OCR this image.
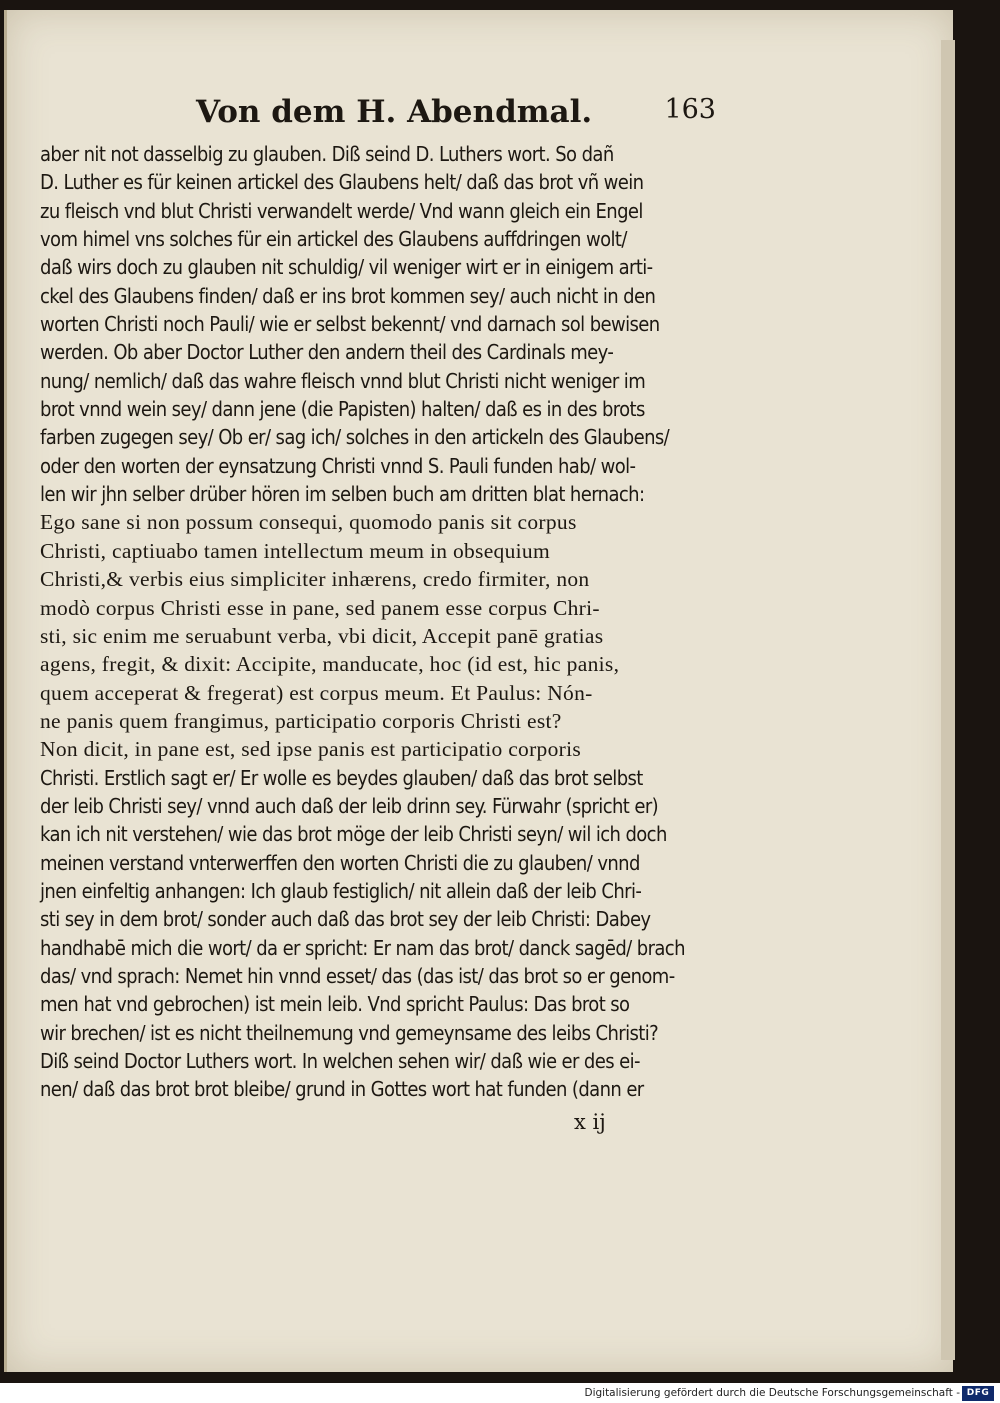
Von dem H. Abendmal.	163
aber nit not dasselbig zu glauben. Diß seind D. Luthers wort. So dañ
D. Luther es für keinen artickel des Glaubens helt/ daß das brot vñ wein
zu fleisch vnd blut Christi verwandelt werde/ Vnd wann gleich ein Engel
vom himel vns solches für ein artickel des Glaubens auffdringen wolt/
daß wirs doch zu glauben nit schuldig/ vil weniger wirt er in einigem arti-
ckel des Glaubens finden/ daß er ins brot kommen sey/ auch nicht in den
worten Christi noch Pauli/ wie er selbst bekennt/ vnd darnach sol bewisen
werden. Ob aber Doctor Luther den andern theil des Cardinals mey-
nung/ nemlich/ daß das wahre fleisch vnnd blut Christi nicht weniger im
brot vnnd wein sey/ dann jene (die Papisten) halten/ daß es in des brots
farben zugegen sey/ Ob er/ sag ich/ solches in den artickeln des Glaubens/
oder den worten der eynsatzung Christi vnnd S. Pauli funden hab/ wol-
len wir jhn selber drüber hören im selben buch am dritten blat hernach:
Ego sane si non possum consequi, quomodo panis sit corpus
Christi, captiuabo tamen intellectum meum in obsequium
Christi,& verbis eius simpliciter inhærens, credo firmiter, non
modò corpus Christi esse in pane, sed panem esse corpus Chri-
sti, sic enim me seruabunt verba, vbi dicit, Accepit panē gratias
agens, fregit, & dixit: Accipite, manducate, hoc (id est, hic panis,
quem acceperat & fregerat) est corpus meum. Et Paulus: Nón-
ne panis quem frangimus, participatio corporis Christi est?
Non dicit, in pane est, sed ipse panis est participatio corporis
Christi. Erstlich sagt er/ Er wolle es beydes glauben/ daß das brot selbst
der leib Christi sey/ vnnd auch daß der leib drinn sey. Fürwahr (spricht er)
kan ich nit verstehen/ wie das brot möge der leib Christi seyn/ wil ich doch
meinen verstand vnterwerffen den worten Christi die zu glauben/ vnnd
jnen einfeltig anhangen: Ich glaub festiglich/ nit allein daß der leib Chri-
sti sey in dem brot/ sonder auch daß das brot sey der leib Christi: Dabey
handhabē mich die wort/ da er spricht: Er nam das brot/ danck sagēd/ brach
das/ vnd sprach: Nemet hin vnnd esset/ das (das ist/ das brot so er genom-
men hat vnd gebrochen) ist mein leib. Vnd spricht Paulus: Das brot so
wir brechen/ ist es nicht theilnemung vnd gemeynsame des leibs Christi?
Diß seind Doctor Luthers wort. In welchen sehen wir/ daß wie er des ei-
nen/ daß das brot brot bleibe/ grund in Gottes wort hat funden (dann er
x ij
Digitalisierung gefördert durch die Deutsche Forschungsgemeinschaft - DFG
